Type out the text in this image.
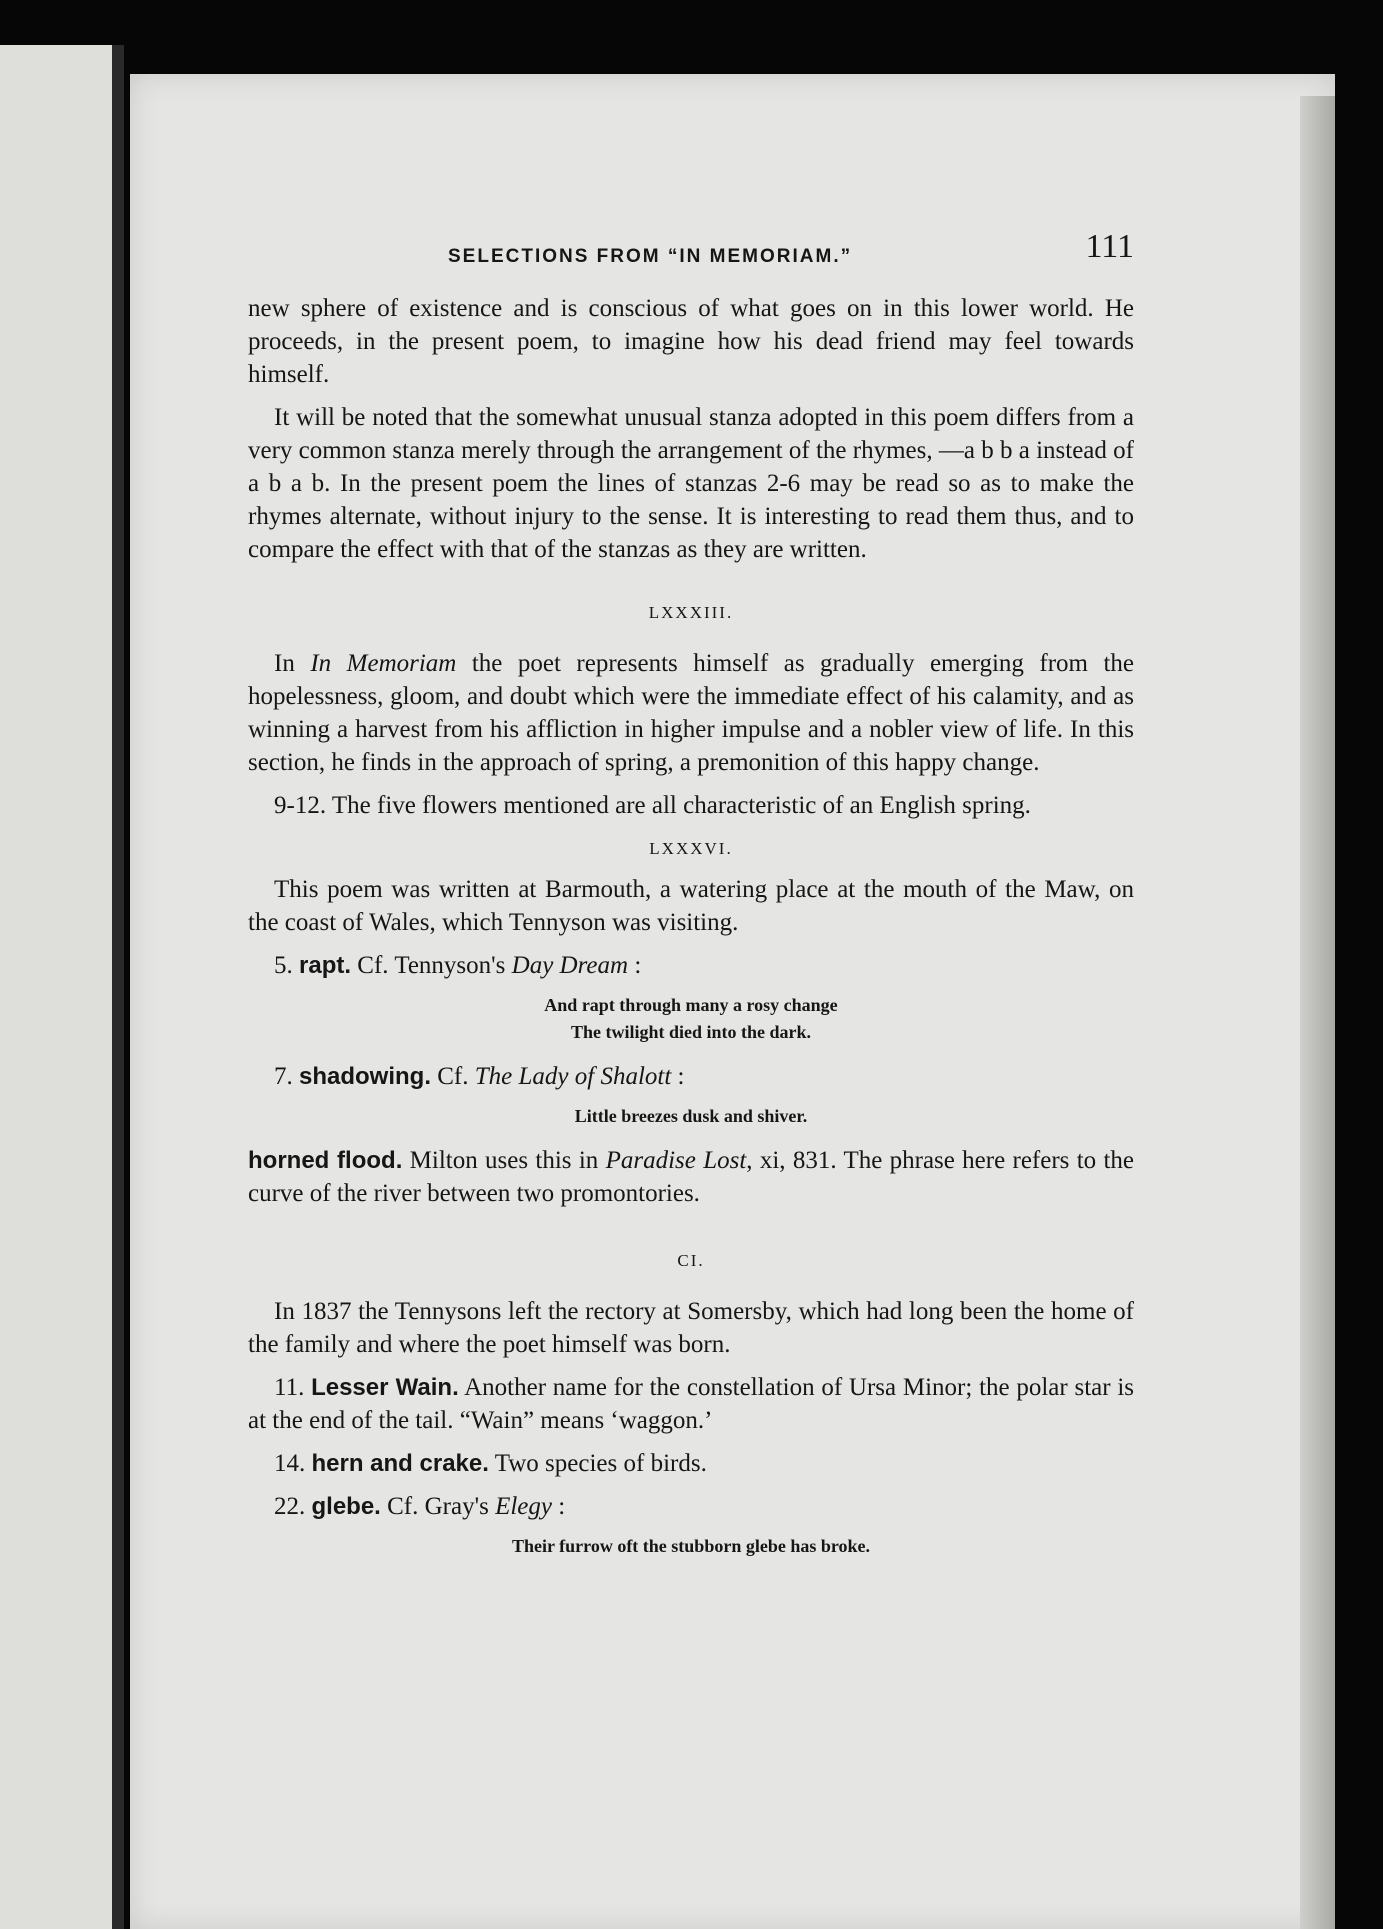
SELECTIONS FROM “IN MEMORIAM.”	111

new sphere of existence and is conscious of what goes on in this lower world. He proceeds, in the present poem, to imagine how his dead friend may feel towards himself.

It will be noted that the somewhat unusual stanza adopted in this poem differs from a very common stanza merely through the arrangement of the rhymes, —a b b a instead of a b a b. In the present poem the lines of stanzas 2-6 may be read so as to make the rhymes alternate, without injury to the sense. It is interesting to read them thus, and to compare the effect with that of the stanzas as they are written.

LXXXIII.

In In Memoriam the poet represents himself as gradually emerging from the hopelessness, gloom, and doubt which were the immediate effect of his calamity, and as winning a harvest from his affliction in higher impulse and a nobler view of life. In this section, he finds in the approach of spring, a premonition of this happy change.

9-12. The five flowers mentioned are all characteristic of an English spring.

LXXXVI.

This poem was written at Barmouth, a watering place at the mouth of the Maw, on the coast of Wales, which Tennyson was visiting.

5. rapt. Cf. Tennyson's Day Dream :

And rapt through many a rosy change
The twilight died into the dark.

7. shadowing. Cf. The Lady of Shalott :

Little breezes dusk and shiver.

horned flood. Milton uses this in Paradise Lost, xi, 831. The phrase here refers to the curve of the river between two promontories.

CI.

In 1837 the Tennysons left the rectory at Somersby, which had long been the home of the family and where the poet himself was born.

11. Lesser Wain. Another name for the constellation of Ursa Minor; the polar star is at the end of the tail. “Wain” means ‘waggon.’

14. hern and crake. Two species of birds.

22. glebe. Cf. Gray's Elegy :

Their furrow oft the stubborn glebe has broke.
